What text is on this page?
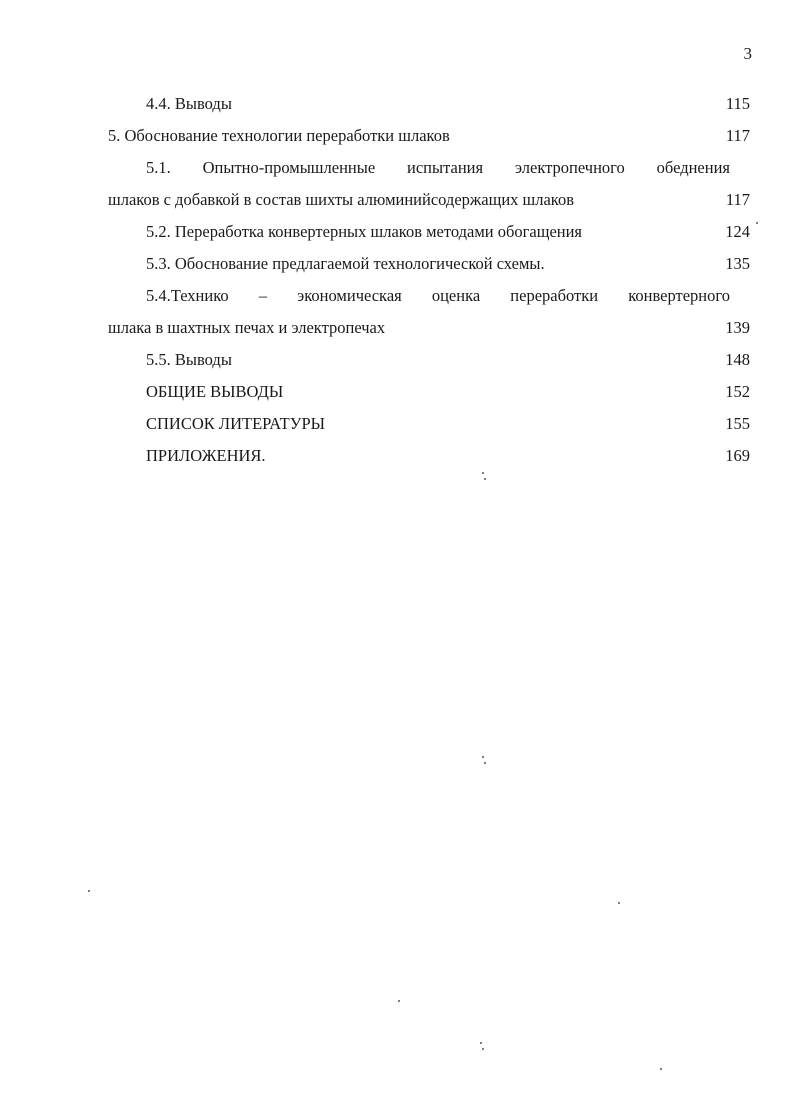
3
4.4. Выводы	115
5. Обоснование технологии переработки шлаков	117
5.1. Опытно-промышленные испытания электропечного обеднения
шлаков с добавкой в состав шихты алюминийсодержащих шлаков	117
5.2. Переработка конвертерных шлаков методами обогащения	124
5.3. Обоснование предлагаемой технологической схемы.	135
5.4.Технико – экономическая оценка переработки конвертерного
шлака в шахтных печах и электропечах	139
5.5. Выводы	148
ОБЩИЕ ВЫВОДЫ	152
СПИСОК ЛИТЕРАТУРЫ	155
ПРИЛОЖЕНИЯ.	169
